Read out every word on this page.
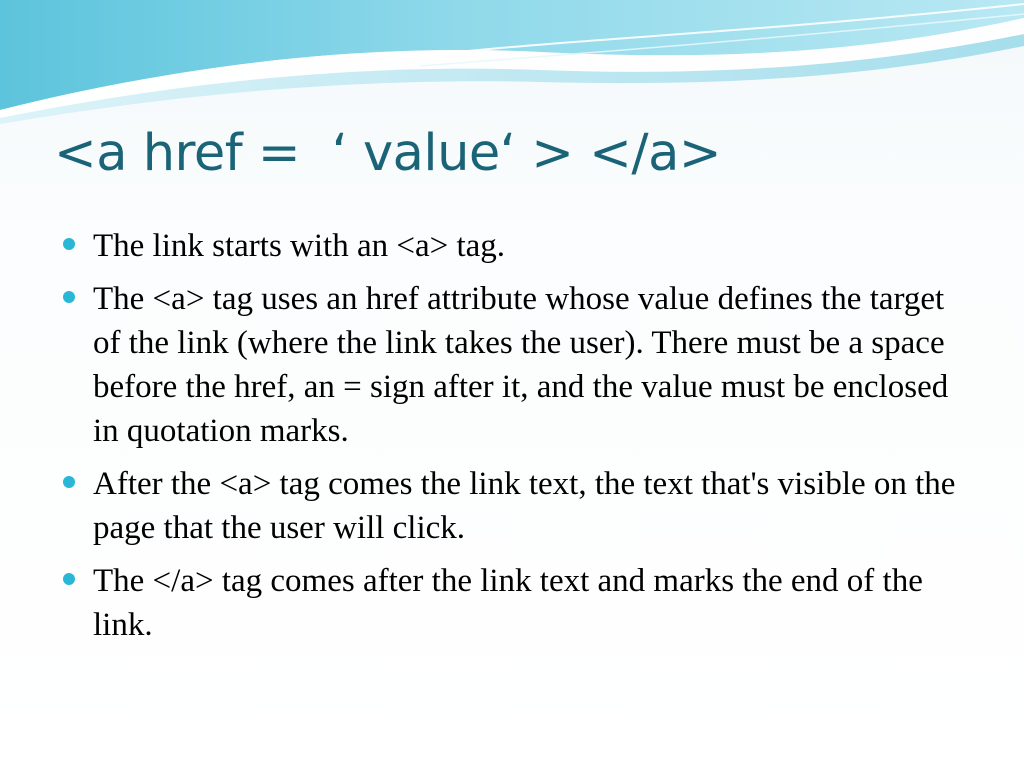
<a href =  ‘ value‘ > </a>
The link starts with an <a> tag.
The <a> tag uses an href attribute whose value defines the target of the link (where the link takes the user). There must be a space before the href, an = sign after it, and the value must be enclosed in quotation marks.
After the <a> tag comes the link text, the text that's visible on the page that the user will click.
The </a> tag comes after the link text and marks the end of the link.
